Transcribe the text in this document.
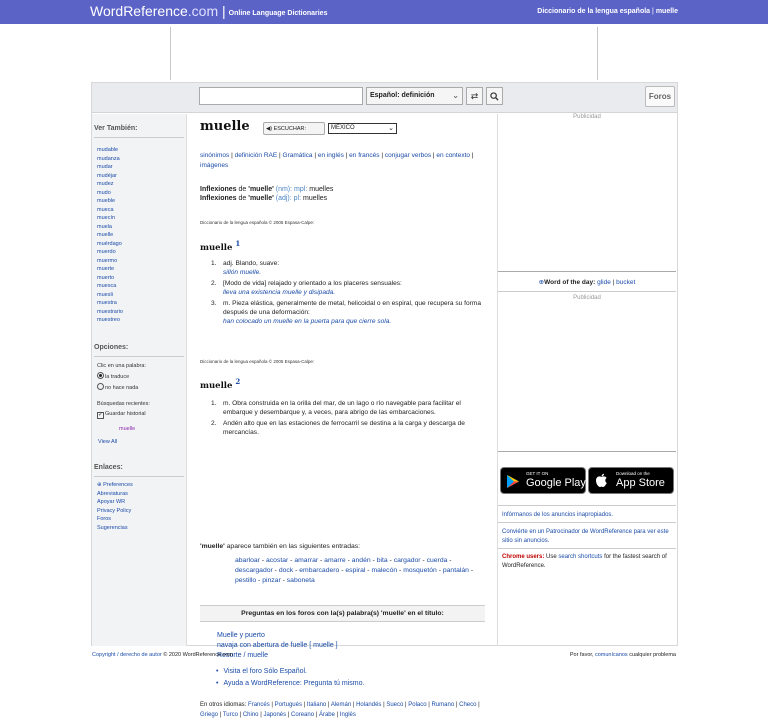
WordReference.com | Online Language Dictionaries	Diccionario de la lengua española | muelle
Español: definición ⌄	⇄	Foros
Ver También:
mudable
mudanza
mudar
mudéjar
mudez
mudo
mueble
mueca
muecín
muela
muelle
muérdago
muerdo
muermo
muerte
muerto
muesca
muesli
muestra
muestrario
muestreo
Opciones:
Clic en una palabra:
la traduce
no hace nada
Búsquedas recientes:
✓ Guardar historial
muelle
View All
Enlaces:
⊕ Preferences
Abreviaturas
Apoyar WR
Privacy Policy
Foros
Sugerencias
muelle	◀) ESCUCHAR:	MÉXICO	⌄
sinónimos | definición RAE | Gramática | en inglés | en francés | conjugar verbos | en contexto | imágenes
Inflexiones de 'muelle' (nm): mpl: muelles
Inflexiones de 'muelle' (adj): pl: muelles
Diccionario de la lengua española © 2005 Espasa-Calpe:
muelle $^1$
1. adj. Blando, suave:
sillón muelle.
2. [Modo de vida] relajado y orientado a los placeres sensuales:
lleva una existencia muelle y disipada.
3. m. Pieza elástica, generalmente de metal, helicoidal o en espiral, que recupera su forma después de una deformación:
han colocado un muelle en la puerta para que cierre sola.
Diccionario de la lengua española © 2005 Espasa-Calpe:
muelle $^2$
1. m. Obra construida en la orilla del mar, de un lago o río navegable para facilitar el embarque y desembarque y, a veces, para abrigo de las embarcaciones.
2. Andén alto que en las estaciones de ferrocarril se destina a la carga y descarga de mercancías.
'muelle' aparece también en las siguientes entradas:
abarloar - acostar - amarrar - amarre - andén - bita - cargador - cuerda - descargador - dock - embarcadero - espiral - malecón - mosquetón - pantalán - pestillo - pinzar - saboneta
Preguntas en los foros con la(s) palabra(s) 'muelle' en el título:
Muelle y puerto
navaja con abertura de fuelle [ muelle ]
Resorte / muelle
• Visita el foro Sólo Español.
• Ayuda a WordReference: Pregunta tú mismo.
En otros idiomas: Francés | Portugués | Italiano | Alemán | Holandés | Sueco | Polaco | Rumano | Checo | Griego | Turco | Chino | Japonés | Coreano | Árabe | Inglés
Publicidad
⊕Word of the day: glide | bucket
Publicidad
GET IT ON
Google Play
Download on the
App Store
Infórmanos de los anuncios inapropiados.
Conviérte en un Patrocinador de WordReference para ver este sitio sin anuncios.
Chrome users: Use search shortcuts for the fastest search of WordReference.
Copyright / derecho de autor © 2020 WordReference.com	Por favor, comunícanos cualquier problema
